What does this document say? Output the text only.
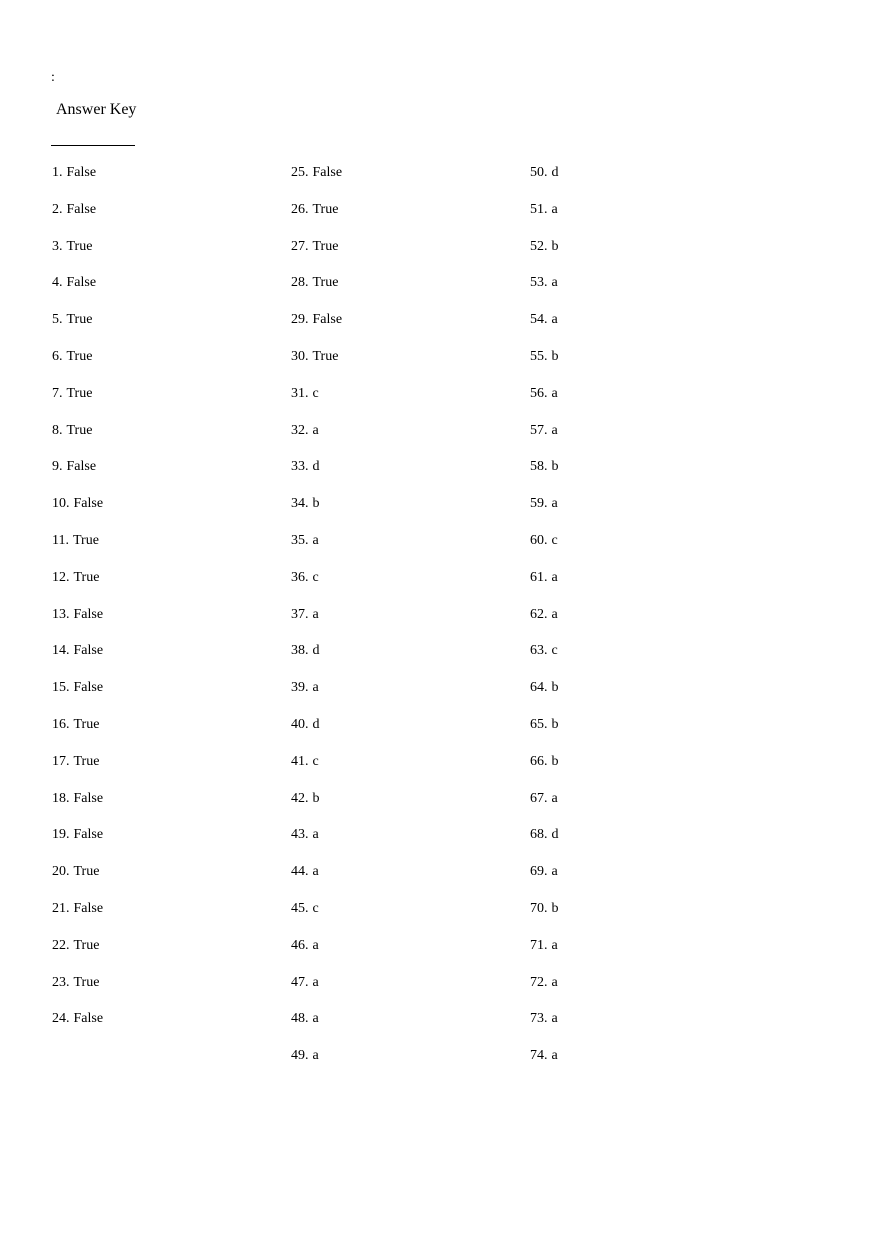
:
Answer Key
1. False
2. False
3. True
4. False
5. True
6. True
7. True
8. True
9. False
10. False
11. True
12. True
13. False
14. False
15. False
16. True
17. True
18. False
19. False
20. True
21. False
22. True
23. True
24. False
25. False
26. True
27. True
28. True
29. False
30. True
31. c
32. a
33. d
34. b
35. a
36. c
37. a
38. d
39. a
40. d
41. c
42. b
43. a
44. a
45. c
46. a
47. a
48. a
49. a
50. d
51. a
52. b
53. a
54. a
55. b
56. a
57. a
58. b
59. a
60. c
61. a
62. a
63. c
64. b
65. b
66. b
67. a
68. d
69. a
70. b
71. a
72. a
73. a
74. a
